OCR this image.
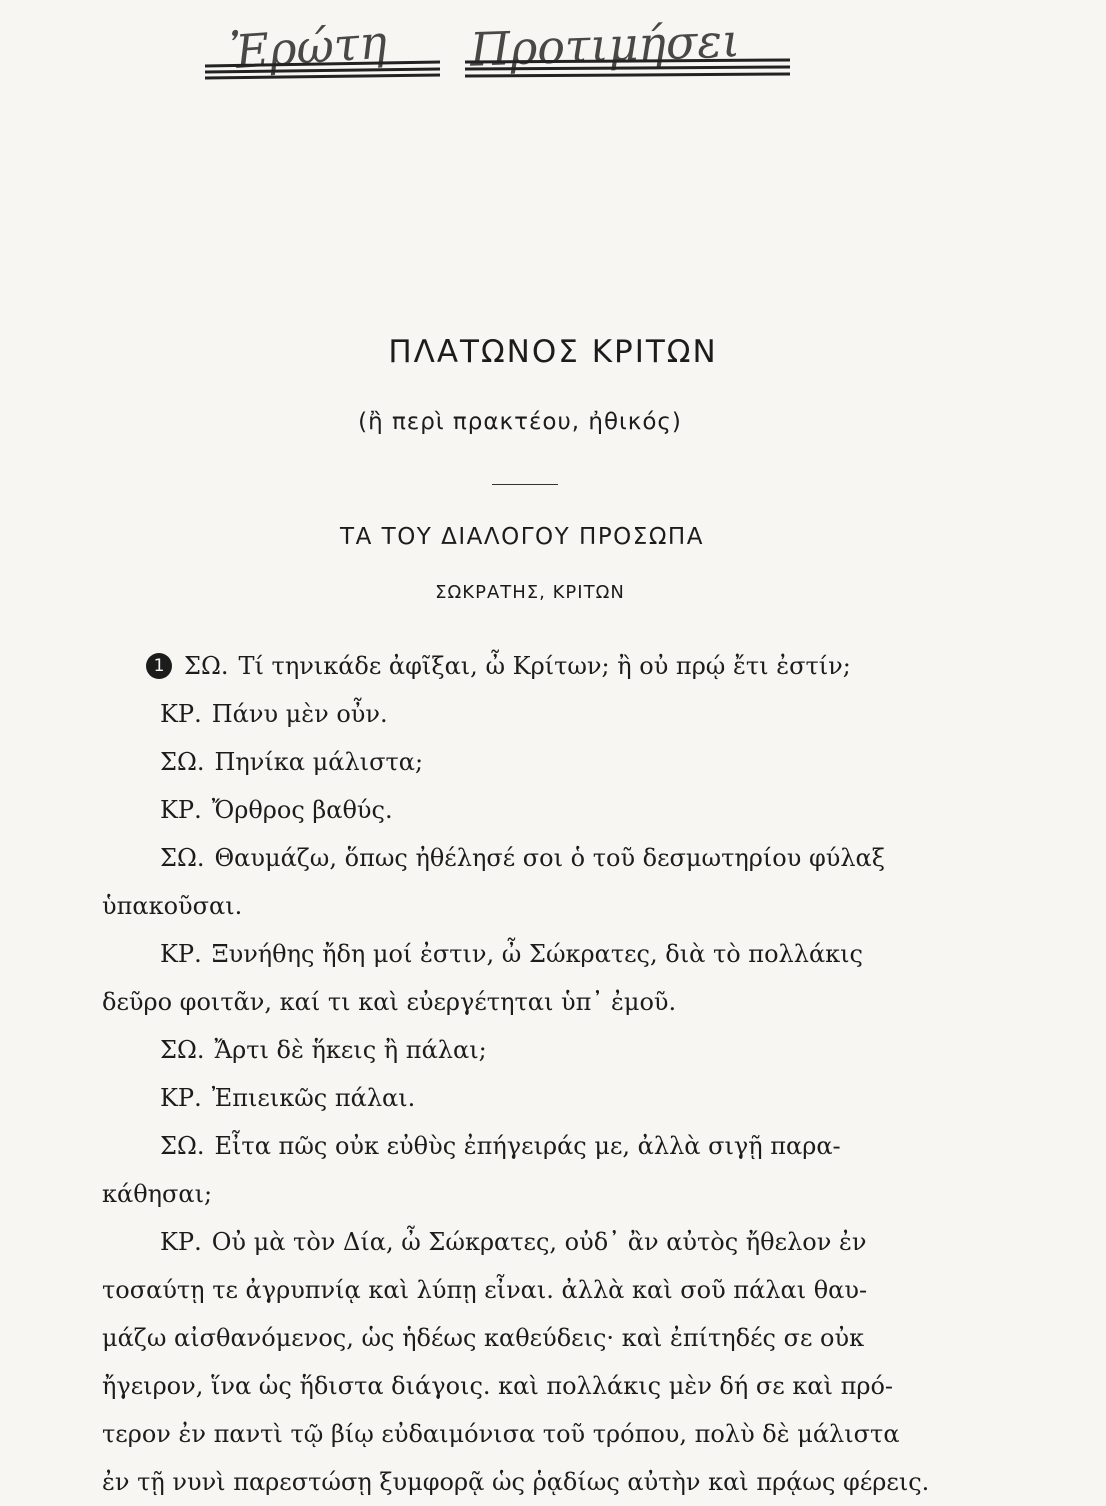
Ἐρώτη Προτιμήσει
ΠΛΑΤΩΝΟΣ ΚΡΙΤΩΝ
(ἢ περὶ πρακτέου, ἠθικός)
ΤΑ ΤΟΥ ΔΙΑΛΟΓΟΥ ΠΡΟΣΩΠΑ
ΣΩΚΡΑΤΗΣ, ΚΡΙΤΩΝ
1 ΣΩ. Τί τηνικάδε ἀφῖξαι, ὦ Κρίτων; ἢ οὐ πρῴ ἔτι ἐστίν;
ΚΡ. Πάνυ μὲν οὖν.
ΣΩ. Πηνίκα μάλιστα;
ΚΡ. Ὄρθρος βαθύς.
ΣΩ. Θαυμάζω, ὅπως ἠθέλησέ σοι ὁ τοῦ δεσμωτηρίου φύλαξ
ὑπακοῦσαι.
ΚΡ. Ξυνήθης ἤδη μοί ἐστιν, ὦ Σώκρατες, διὰ τὸ πολλάκις
δεῦρο φοιτᾶν, καί τι καὶ εὐεργέτηται ὑπ᾽ ἐμοῦ.
ΣΩ. Ἄρτι δὲ ἥκεις ἢ πάλαι;
ΚΡ. Ἐπιεικῶς πάλαι.
ΣΩ. Εἶτα πῶς οὐκ εὐθὺς ἐπήγειράς με, ἀλλὰ σιγῇ παρα-
κάθησαι;
ΚΡ. Οὐ μὰ τὸν Δία, ὦ Σώκρατες, οὐδ᾽ ἂν αὐτὸς ἤθελον ἐν
τοσαύτῃ τε ἀγρυπνίᾳ καὶ λύπῃ εἶναι. ἀλλὰ καὶ σοῦ πάλαι θαυ-
μάζω αἰσθανόμενος, ὡς ἡδέως καθεύδεις· καὶ ἐπίτηδές σε οὐκ
ἤγειρον, ἵνα ὡς ἥδιστα διάγοις. καὶ πολλάκις μὲν δή σε καὶ πρό-
τερον ἐν παντὶ τῷ βίῳ εὐδαιμόνισα τοῦ τρόπου, πολὺ δὲ μάλιστα
ἐν τῇ νυνὶ παρεστώσῃ ξυμφορᾷ ὡς ῥᾳδίως αὐτὴν καὶ πρᾴως φέρεις.
